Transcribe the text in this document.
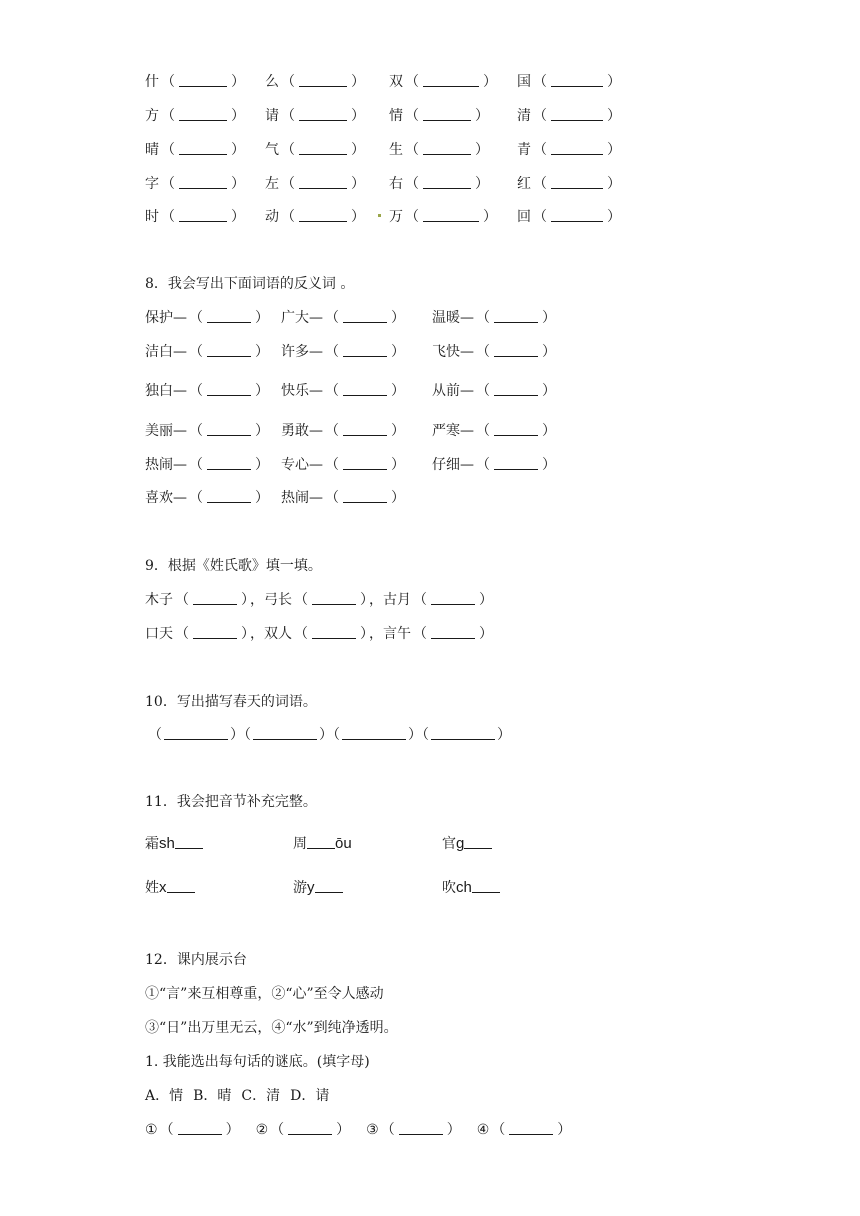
什 （	） 么 （	） 双 （	） 国 （	）
方 （	） 请 （	） 情 （	） 清 （	）
晴 （	） 气 （	） 生 （	） 青 （	）
字 （	） 左 （	） 右 （	） 红 （	）
时 （	） 动 （	） 万 （	） 回 （	）
8．我会写出下面词语的反义词 。
保护— （	） 广大— （	） 温暖— （	）
洁白— （	） 许多— （	） 飞快— （	）
独白— （	） 快乐— （	） 从前— （	）
美丽— （	） 勇敢— （	） 严寒— （	）
热闹— （	） 专心— （	） 仔细— （	）
喜欢— （	） 热闹— （	）
9．根据《姓氏歌》填一填。
木子 （	） ，弓长 （	） ，古月 （	）
口天 （	） ，双人 （	） ，言午 （	）
10．写出描写春天的词语。
（	）（	）（	）（	）
11．我会把音节补充完整。
霜sh	周 ōu	官g
姓x	游y	吹ch
12．课内展示台
①“言”来互相尊重，②“心”至令人感动
③“日”出万里无云，④“水”到纯净透明。
1. 我能选出每句话的谜底。(填字母)
A．情 B．晴 C．清 D．请
① （	） ② （	） ③ （	） ④ （	）
